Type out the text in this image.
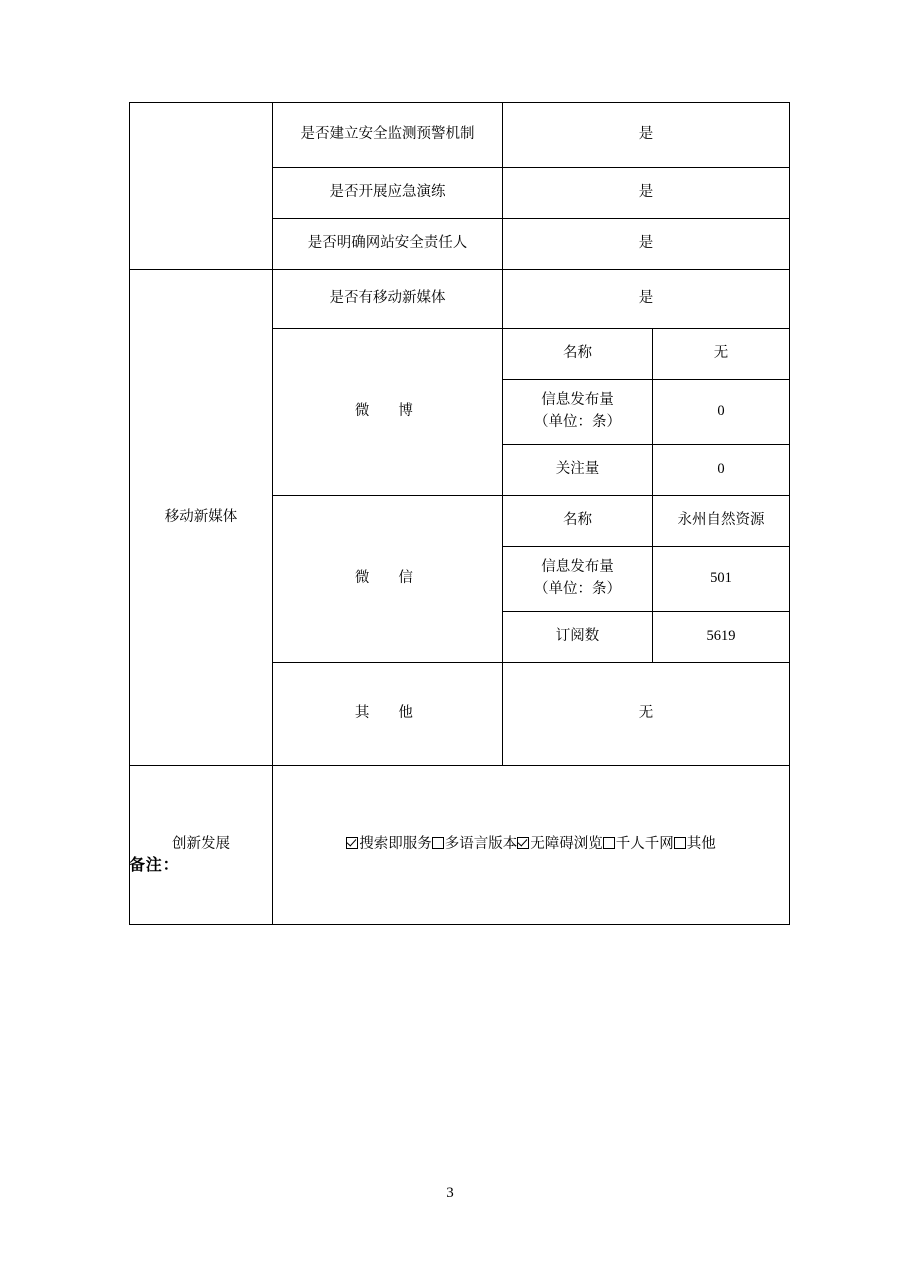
	是否建立安全监测预警机制	是	
	是否开展应急演练	是	
	是否明确网站安全责任人	是	
移动新媒体	是否有移动新媒体	是	
	微　博	名称	无

		信息发布量
（单位：条）	0
		关注量	0
	微　信	名称	永州自然资源

		信息发布量
（单位：条）	501
		订阅数	5619
	其　他	无	
创新发展	搜索即服务 多语言版本 无障碍浏览 千人千网 其他		
备注：
3
